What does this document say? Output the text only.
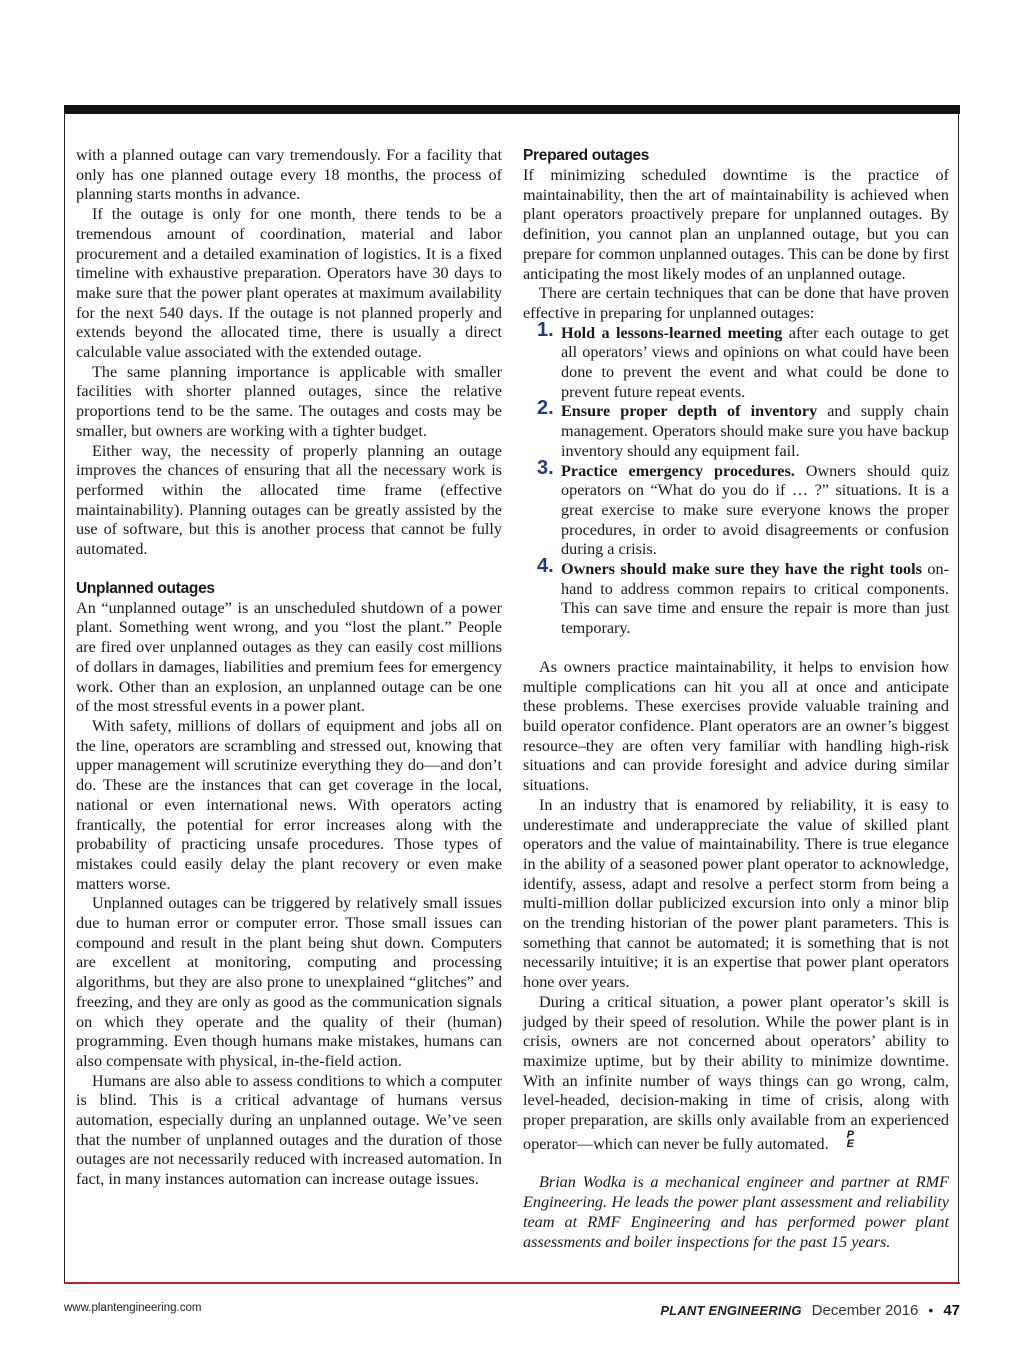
with a planned outage can vary tremendously. For a facility that only has one planned outage every 18 months, the process of planning starts months in advance.

If the outage is only for one month, there tends to be a tremendous amount of coordination, material and labor procurement and a detailed examination of logistics. It is a fixed timeline with exhaustive preparation. Operators have 30 days to make sure that the power plant operates at maximum availability for the next 540 days. If the outage is not planned properly and extends beyond the allocated time, there is usually a direct calculable value associated with the extended outage.

The same planning importance is applicable with smaller facilities with shorter planned outages, since the relative proportions tend to be the same. The outages and costs may be smaller, but owners are working with a tighter budget.

Either way, the necessity of properly planning an outage improves the chances of ensuring that all the necessary work is performed within the allocated time frame (effective maintainability). Planning outages can be greatly assisted by the use of software, but this is another process that cannot be fully automated.

Unplanned outages

An “unplanned outage” is an unscheduled shutdown of a power plant. Something went wrong, and you “lost the plant.” People are fired over unplanned outages as they can easily cost millions of dollars in damages, liabilities and premium fees for emergency work. Other than an explosion, an unplanned outage can be one of the most stressful events in a power plant.

With safety, millions of dollars of equipment and jobs all on the line, operators are scrambling and stressed out, knowing that upper management will scrutinize everything they do—and don’t do. These are the instances that can get coverage in the local, national or even international news. With operators acting frantically, the potential for error increases along with the probability of practicing unsafe procedures. Those types of mistakes could easily delay the plant recovery or even make matters worse.

Unplanned outages can be triggered by relatively small issues due to human error or computer error. Those small issues can compound and result in the plant being shut down. Computers are excellent at monitoring, computing and processing algorithms, but they are also prone to unexplained “glitches” and freezing, and they are only as good as the communication signals on which they operate and the quality of their (human) programming. Even though humans make mistakes, humans can also compensate with physical, in-the-field action.

Humans are also able to assess conditions to which a computer is blind. This is a critical advantage of humans versus automation, especially during an unplanned outage. We’ve seen that the number of unplanned outages and the duration of those outages are not necessarily reduced with increased automation. In fact, in many instances automation can increase outage issues.

Prepared outages

If minimizing scheduled downtime is the practice of maintainability, then the art of maintainability is achieved when plant operators proactively prepare for unplanned outages. By definition, you cannot plan an unplanned outage, but you can prepare for common unplanned outages. This can be done by first anticipating the most likely modes of an unplanned outage.

There are certain techniques that can be done that have proven effective in preparing for unplanned outages:

1. Hold a lessons-learned meeting after each outage to get all operators’ views and opinions on what could have been done to prevent the event and what could be done to prevent future repeat events.
2. Ensure proper depth of inventory and supply chain management. Operators should make sure you have backup inventory should any equipment fail.
3. Practice emergency procedures. Owners should quiz operators on “What do you do if … ?” situations. It is a great exercise to make sure everyone knows the proper procedures, in order to avoid disagreements or confusion during a crisis.
4. Owners should make sure they have the right tools on-hand to address common repairs to critical components. This can save time and ensure the repair is more than just temporary.

As owners practice maintainability, it helps to envision how multiple complications can hit you all at once and anticipate these problems. These exercises provide valuable training and build operator confidence. Plant operators are an owner’s biggest resource–they are often very familiar with handling high-risk situations and can provide foresight and advice during similar situations.

In an industry that is enamored by reliability, it is easy to underestimate and underappreciate the value of skilled plant operators and the value of maintainability. There is true elegance in the ability of a seasoned power plant operator to acknowledge, identify, assess, adapt and resolve a perfect storm from being a multi-million dollar publicized excursion into only a minor blip on the trending historian of the power plant parameters. This is something that cannot be automated; it is something that is not necessarily intuitive; it is an expertise that power plant operators hone over years.

During a critical situation, a power plant operator’s skill is judged by their speed of resolution. While the power plant is in crisis, owners are not concerned about operators’ ability to maximize uptime, but by their ability to minimize downtime. With an infinite number of ways things can go wrong, calm, level-headed, decision-making in time of crisis, along with proper preparation, are skills only available from an experienced operator—which can never be fully automated.	P
E

Brian Wodka is a mechanical engineer and partner at RMF Engineering. He leads the power plant assessment and reliability team at RMF Engineering and has performed power plant assessments and boiler inspections for the past 15 years.

www.plantengineering.com	PLANT ENGINEERING December 2016 • 47
